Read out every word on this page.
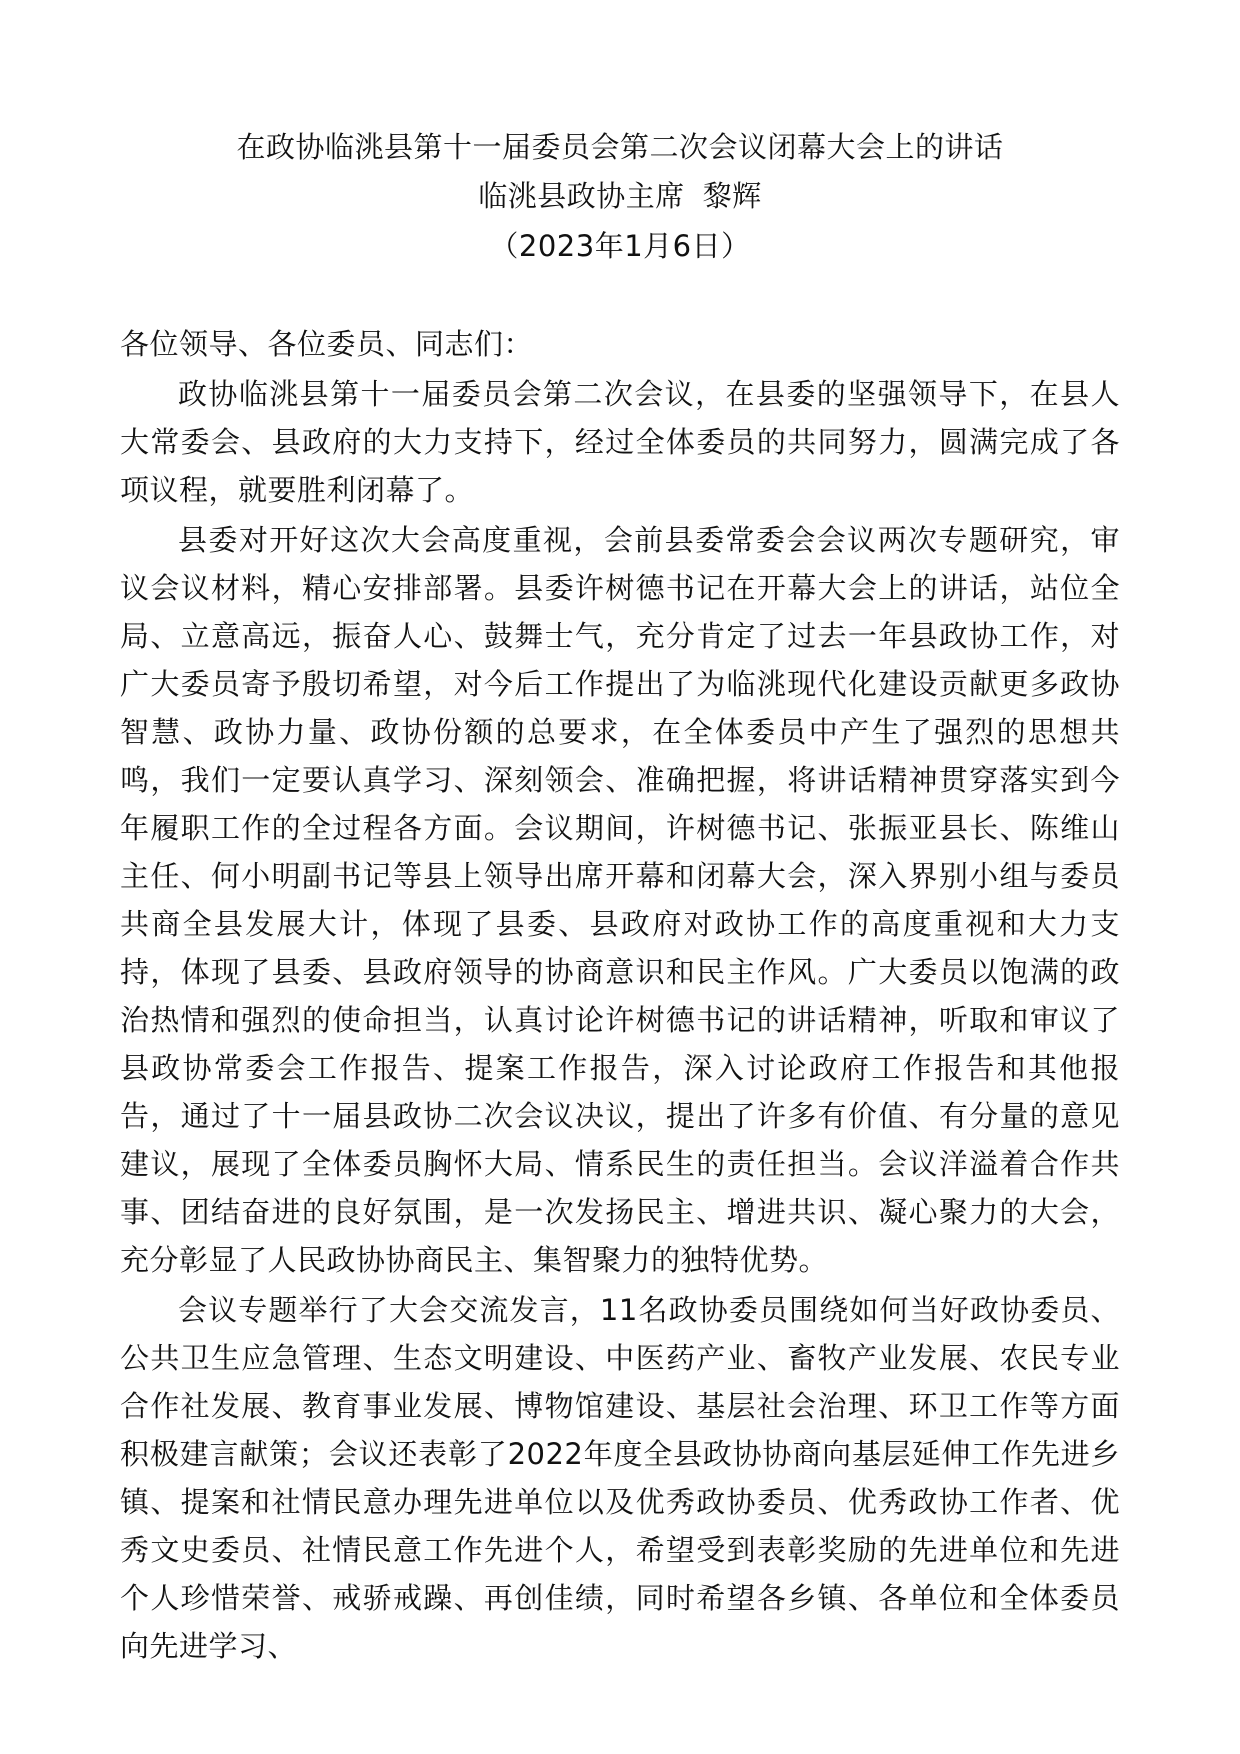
在政协临洮县第十一届委员会第二次会议闭幕大会上的讲话
临洮县政协主席 黎辉
（2023年1月6日）

各位领导、各位委员、同志们：

政协临洮县第十一届委员会第二次会议，在县委的坚强领导下，在县人大常委会、县政府的大力支持下，经过全体委员的共同努力，圆满完成了各项议程，就要胜利闭幕了。

县委对开好这次大会高度重视，会前县委常委会会议两次专题研究，审议会议材料，精心安排部署。县委许树德书记在开幕大会上的讲话，站位全局、立意高远，振奋人心、鼓舞士气，充分肯定了过去一年县政协工作，对广大委员寄予殷切希望，对今后工作提出了为临洮现代化建设贡献更多政协智慧、政协力量、政协份额的总要求，在全体委员中产生了强烈的思想共鸣，我们一定要认真学习、深刻领会、准确把握，将讲话精神贯穿落实到今年履职工作的全过程各方面。会议期间，许树德书记、张振亚县长、陈维山主任、何小明副书记等县上领导出席开幕和闭幕大会，深入界别小组与委员共商全县发展大计，体现了县委、县政府对政协工作的高度重视和大力支持，体现了县委、县政府领导的协商意识和民主作风。广大委员以饱满的政治热情和强烈的使命担当，认真讨论许树德书记的讲话精神，听取和审议了县政协常委会工作报告、提案工作报告，深入讨论政府工作报告和其他报告，通过了十一届县政协二次会议决议，提出了许多有价值、有分量的意见建议，展现了全体委员胸怀大局、情系民生的责任担当。会议洋溢着合作共事、团结奋进的良好氛围，是一次发扬民主、增进共识、凝心聚力的大会，充分彰显了人民政协协商民主、集智聚力的独特优势。

会议专题举行了大会交流发言，11名政协委员围绕如何当好政协委员、公共卫生应急管理、生态文明建设、中医药产业、畜牧产业发展、农民专业合作社发展、教育事业发展、博物馆建设、基层社会治理、环卫工作等方面积极建言献策；会议还表彰了2022年度全县政协协商向基层延伸工作先进乡镇、提案和社情民意办理先进单位以及优秀政协委员、优秀政协工作者、优秀文史委员、社情民意工作先进个人，希望受到表彰奖励的先进单位和先进个人珍惜荣誉、戒骄戒躁、再创佳绩，同时希望各乡镇、各单位和全体委员向先进学习、
